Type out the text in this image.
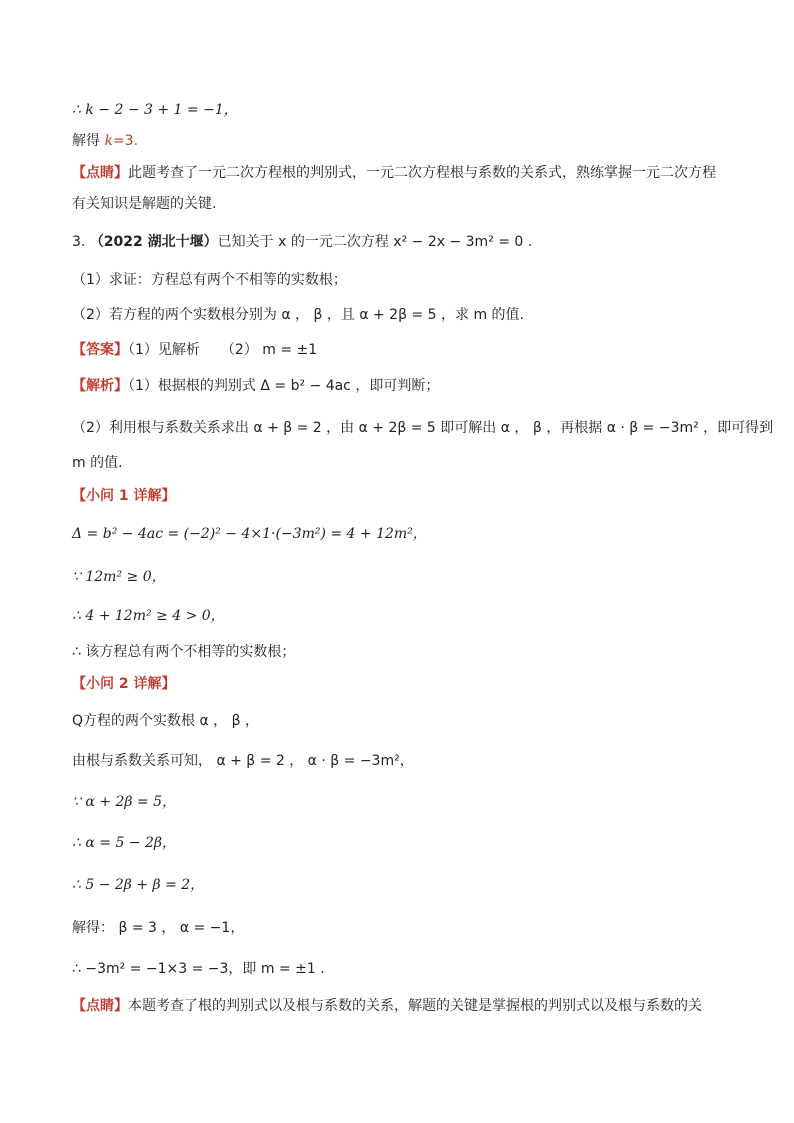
∴ k − 2 − 3 + 1 = −1，
解得 k=3.
【点睛】此题考查了一元二次方程根的判别式，一元二次方程根与系数的关系式，熟练掌握一元二次方程
有关知识是解题的关键.
3. （2022 湖北十堰）已知关于 x 的一元二次方程 x² − 2x − 3m² = 0 .
（1）求证：方程总有两个不相等的实数根；
（2）若方程的两个实数根分别为 α ， β ，且 α + 2β = 5 ，求 m 的值.
【答案】（1）见解析　　（2） m = ±1
【解析】（1）根据根的判别式 Δ = b² − 4ac ，即可判断；
（2）利用根与系数关系求出 α + β = 2 ，由 α + 2β = 5 即可解出 α ， β ，再根据 α · β = −3m² ，即可得到
m 的值.
【小问 1 详解】
Δ = b² − 4ac = (−2)² − 4×1·(−3m²) = 4 + 12m²，
∵ 12m² ≥ 0，
∴ 4 + 12m² ≥ 4 > 0，
∴ 该方程总有两个不相等的实数根；
【小问 2 详解】
Q方程的两个实数根 α ， β ，
由根与系数关系可知， α + β = 2 ， α · β = −3m²，
∵ α + 2β = 5，
∴ α = 5 − 2β，
∴ 5 − 2β + β = 2，
解得： β = 3 ， α = −1，
∴ −3m² = −1×3 = −3，即 m = ±1 .
【点睛】本题考查了根的判别式以及根与系数的关系，解题的关键是掌握根的判别式以及根与系数的关
